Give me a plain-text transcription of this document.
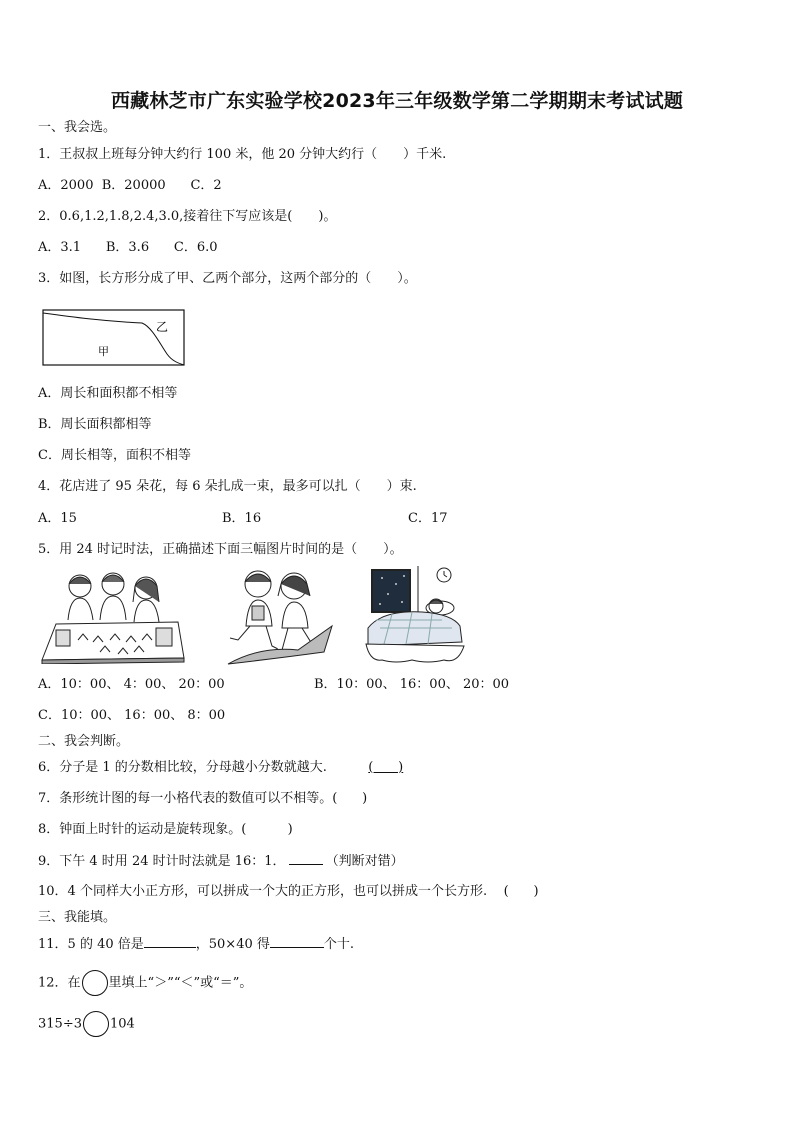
西藏林芝市广东实验学校2023年三年级数学第二学期期末考试试题
一、我会选。
1．王叔叔上班每分钟大约行 100 米，他 20 分钟大约行（　　）千米.
A．2000  B．20000      C．2
2．0.6,1.2,1.8,2.4,3.0,接着往下写应该是(　　)。
A．3.1      B．3.6      C．6.0
3．如图，长方形分成了甲、乙两个部分，这两个部分的（　　）。
甲
乙
A．周长和面积都不相等
B．周长面积都相等
C．周长相等，面积不相等
4．花店进了 95 朵花，每 6 朵扎成一束，最多可以扎（　　）束.
A．15	B．16	C．17
5．用 24 时记时法，正确描述下面三幅图片时间的是（　　）。
A．10：00、 4：00、 20：00	B．10：00、 16：00、 20：00
C．10：00、 16：00、 8：00
二、我会判断。
6．分子是 1 的分数相比较，分母越小分数就越大.	(      )
7．条形统计图的每一小格代表的数值可以不相等。(      )
8．钟面上时针的运动是旋转现象。(          )
9．下午 4 时用 24 时计时法就是 16：1．	（判断对错）
10．4 个同样大小正方形，可以拼成一个大的正方形，也可以拼成一个长方形. (      )
三、我能填。
11．5 的 40 倍是	，50×40 得	个十.
12．在 里填上“＞”“＜”或“＝”。
315÷3 104
